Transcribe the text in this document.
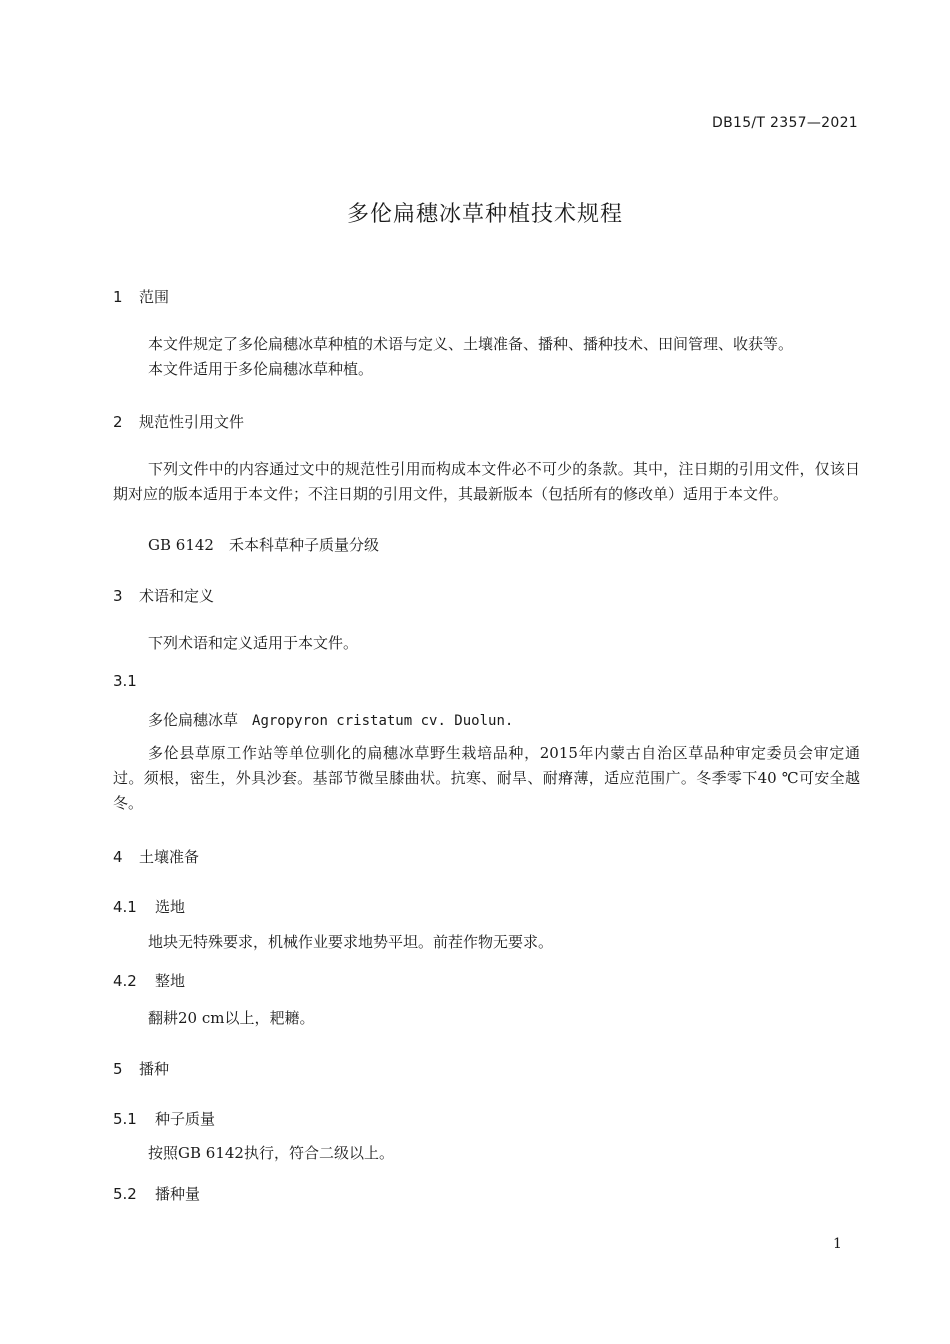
DB15/T 2357—2021
多伦扁穗冰草种植技术规程
1 范围
本文件规定了多伦扁穗冰草种植的术语与定义、土壤准备、播种、播种技术、田间管理、收获等。
本文件适用于多伦扁穗冰草种植。
2 规范性引用文件
下列文件中的内容通过文中的规范性引用而构成本文件必不可少的条款。其中，注日期的引用文件，仅该日期对应的版本适用于本文件；不注日期的引用文件，其最新版本（包括所有的修改单）适用于本文件。
GB 6142　禾本科草种子质量分级
3 术语和定义
下列术语和定义适用于本文件。
3.1
多伦扁穗冰草 Agropyron cristatum cv. Duolun.
多伦县草原工作站等单位驯化的扁穗冰草野生栽培品种，2015年内蒙古自治区草品种审定委员会审定通过。须根，密生，外具沙套。基部节微呈膝曲状。抗寒、耐旱、耐瘠薄，适应范围广。冬季零下40 ℃可安全越冬。
4 土壤准备
4.1 选地
地块无特殊要求，机械作业要求地势平坦。前茬作物无要求。
4.2 整地
翻耕20 cm以上，耙耱。
5 播种
5.1 种子质量
按照GB 6142执行，符合二级以上。
5.2 播种量
1
